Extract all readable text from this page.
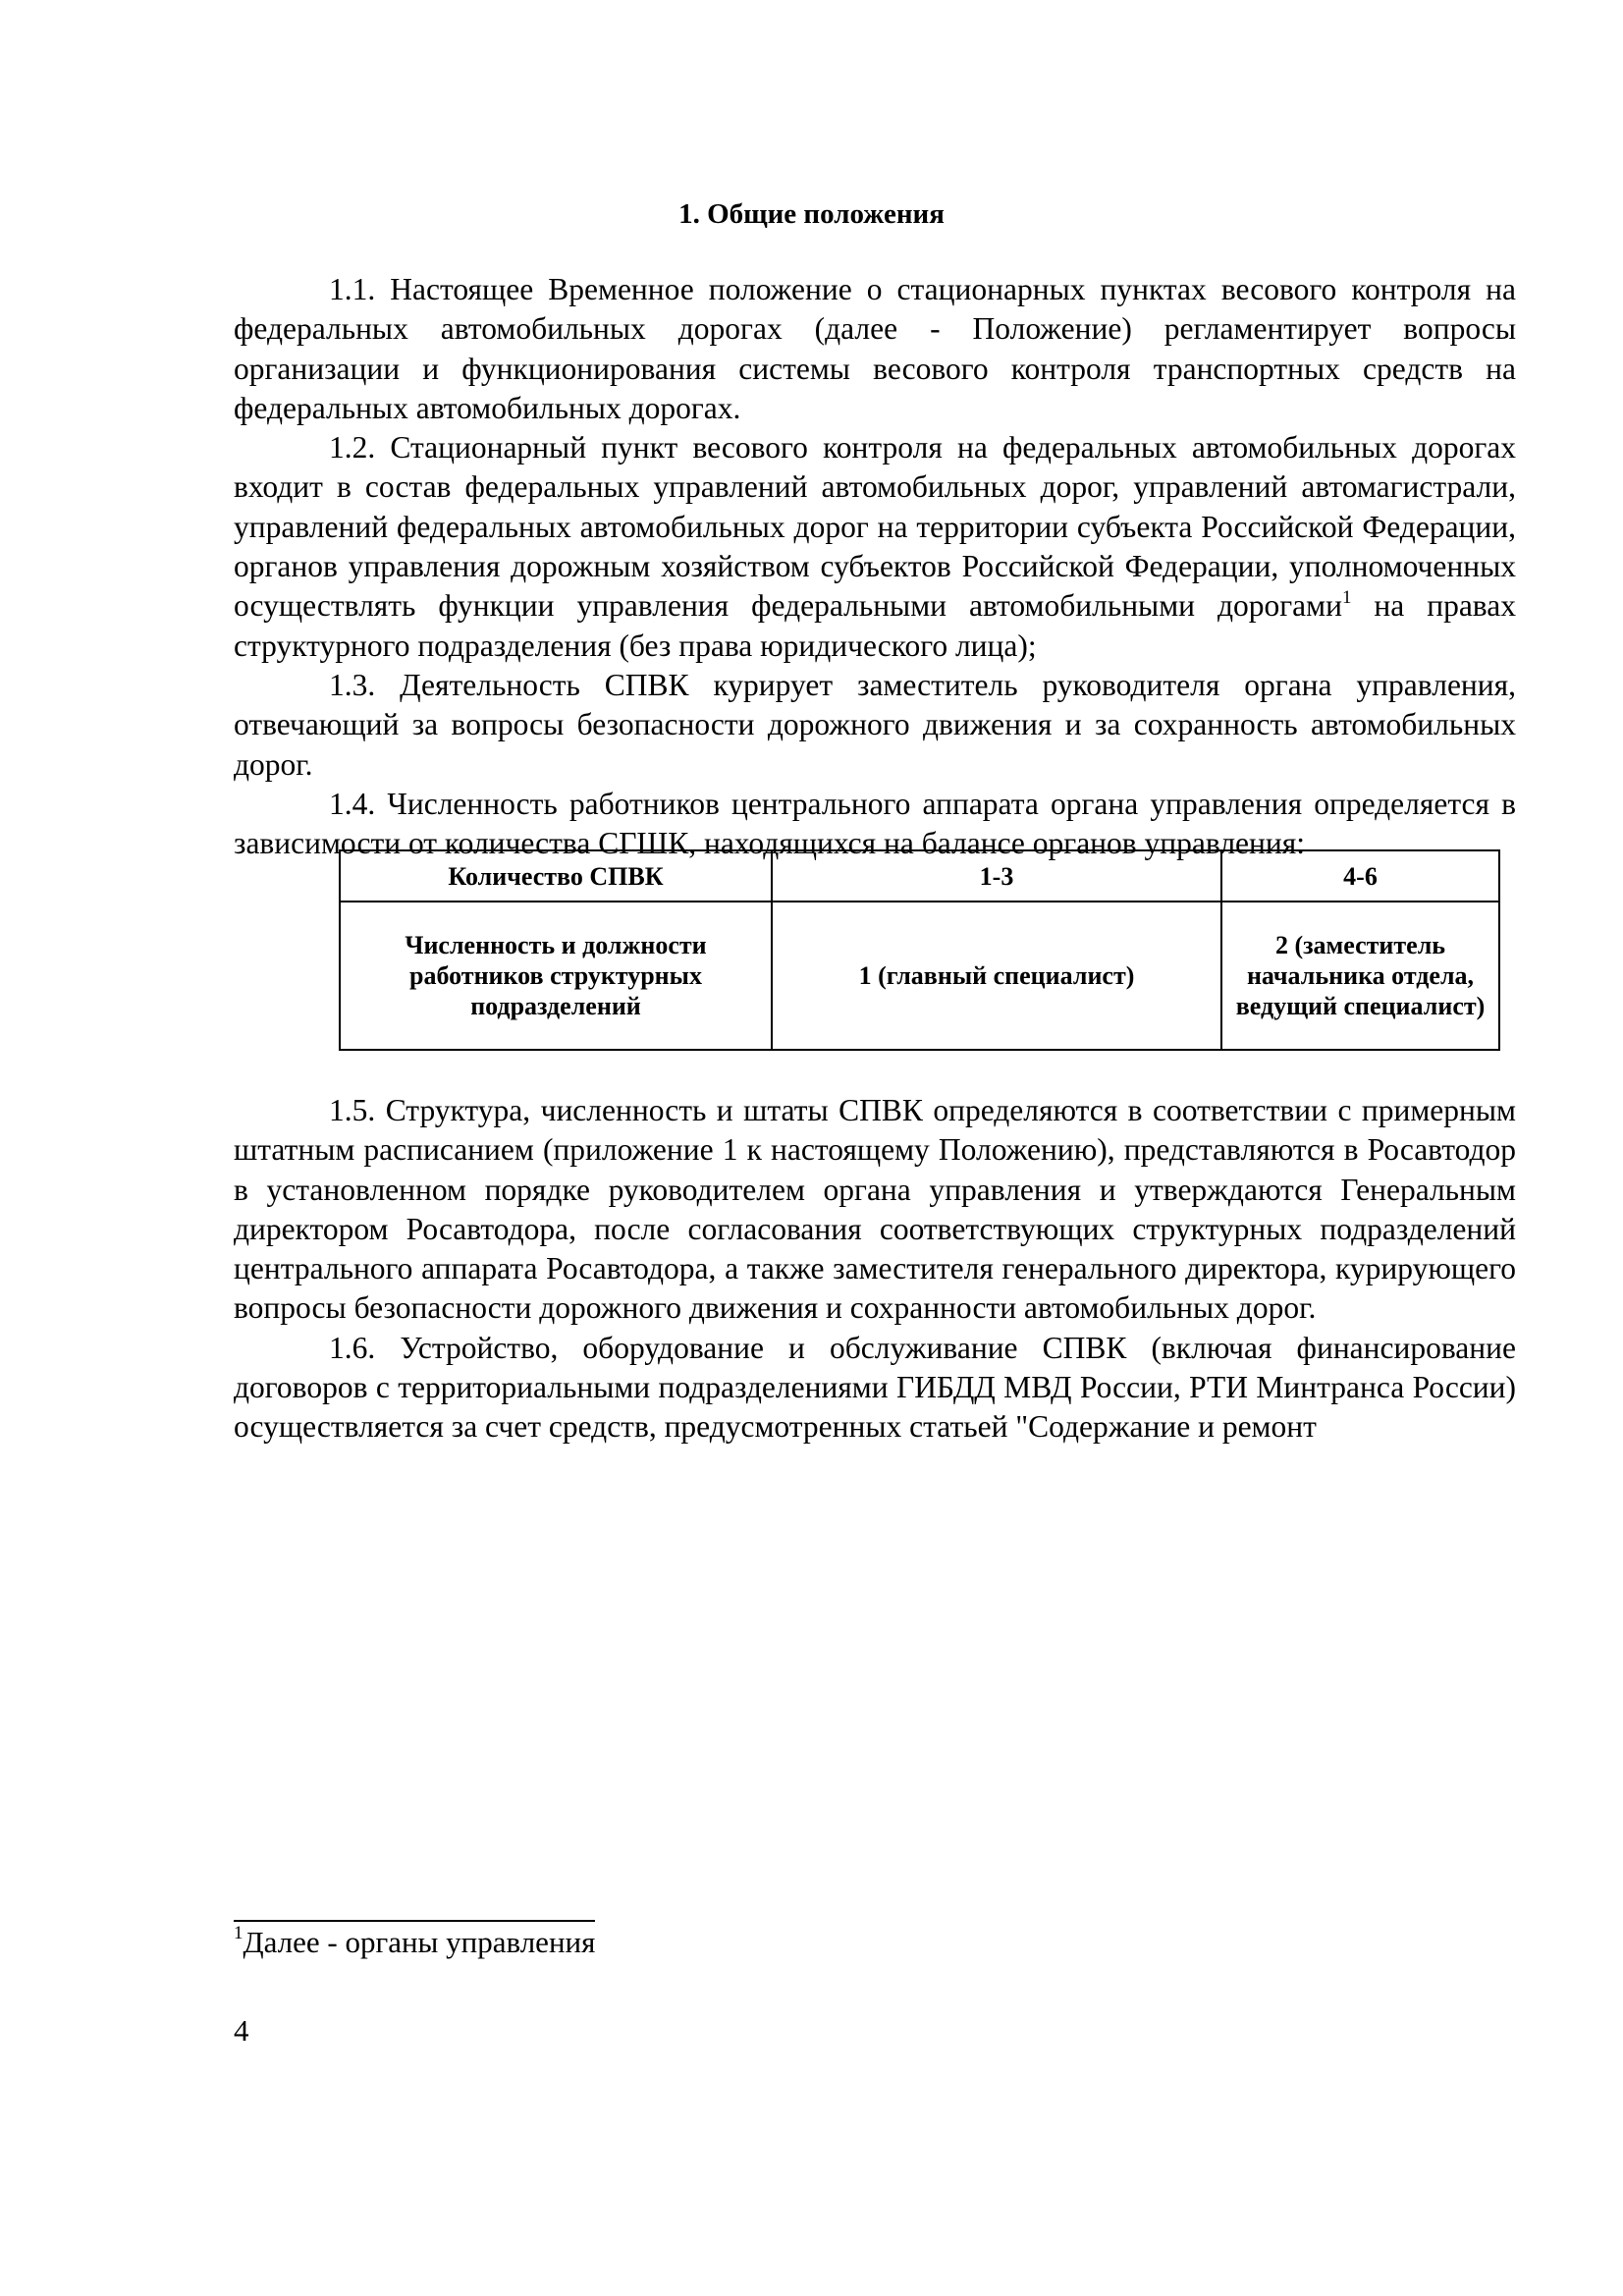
1. Общие положения

1.1. Настоящее Временное положение о стационарных пунктах весового контроля на федеральных автомобильных дорогах (далее - Положение) регламентирует вопросы организации и функционирования системы весового контроля транспортных средств на федеральных автомобильных дорогах.

1.2. Стационарный пункт весового контроля на федеральных автомобильных дорогах входит в состав федеральных управлений автомобильных дорог, управлений автомагистрали, управлений федеральных автомобильных дорог на территории субъекта Российской Федерации, органов управления дорожным хозяйством субъектов Российской Федерации, уполномоченных осуществлять функции управления федеральными автомобильными дорогами$^1$ на правах структурного подразделения (без права юридического лица);

1.3. Деятельность СПВК курирует заместитель руководителя органа управления, отвечающий за вопросы безопасности дорожного движения и за сохранность автомобильных дорог.

1.4. Численность работников центрального аппарата органа управления определяется в зависимости от количества СГШК, находящихся на балансе органов управления:

Количество СПВК	1-3	4-6
Численность и должности работников структурных подразделений	1 (главный специалист)	2 (заместитель начальника отдела, ведущий специалист)

1.5. Структура, численность и штаты СПВК определяются в соответствии с примерным штатным расписанием (приложение 1 к настоящему Положению), представляются в Росавтодор в установленном порядке руководителем органа управления и утверждаются Генеральным директором Росавтодора, после согласования соответствующих структурных подразделений центрального аппарата Росавтодора, а также заместителя генерального директора, курирующего вопросы безопасности дорожного движения и сохранности автомобильных дорог.

1.6. Устройство, оборудование и обслуживание СПВК (включая финансирование договоров с территориальными подразделениями ГИБДД МВД России, РТИ Минтранса России) осуществляется за счет средств, предусмотренных статьей "Содержание и ремонт

$^1$Далее - органы управления
4
